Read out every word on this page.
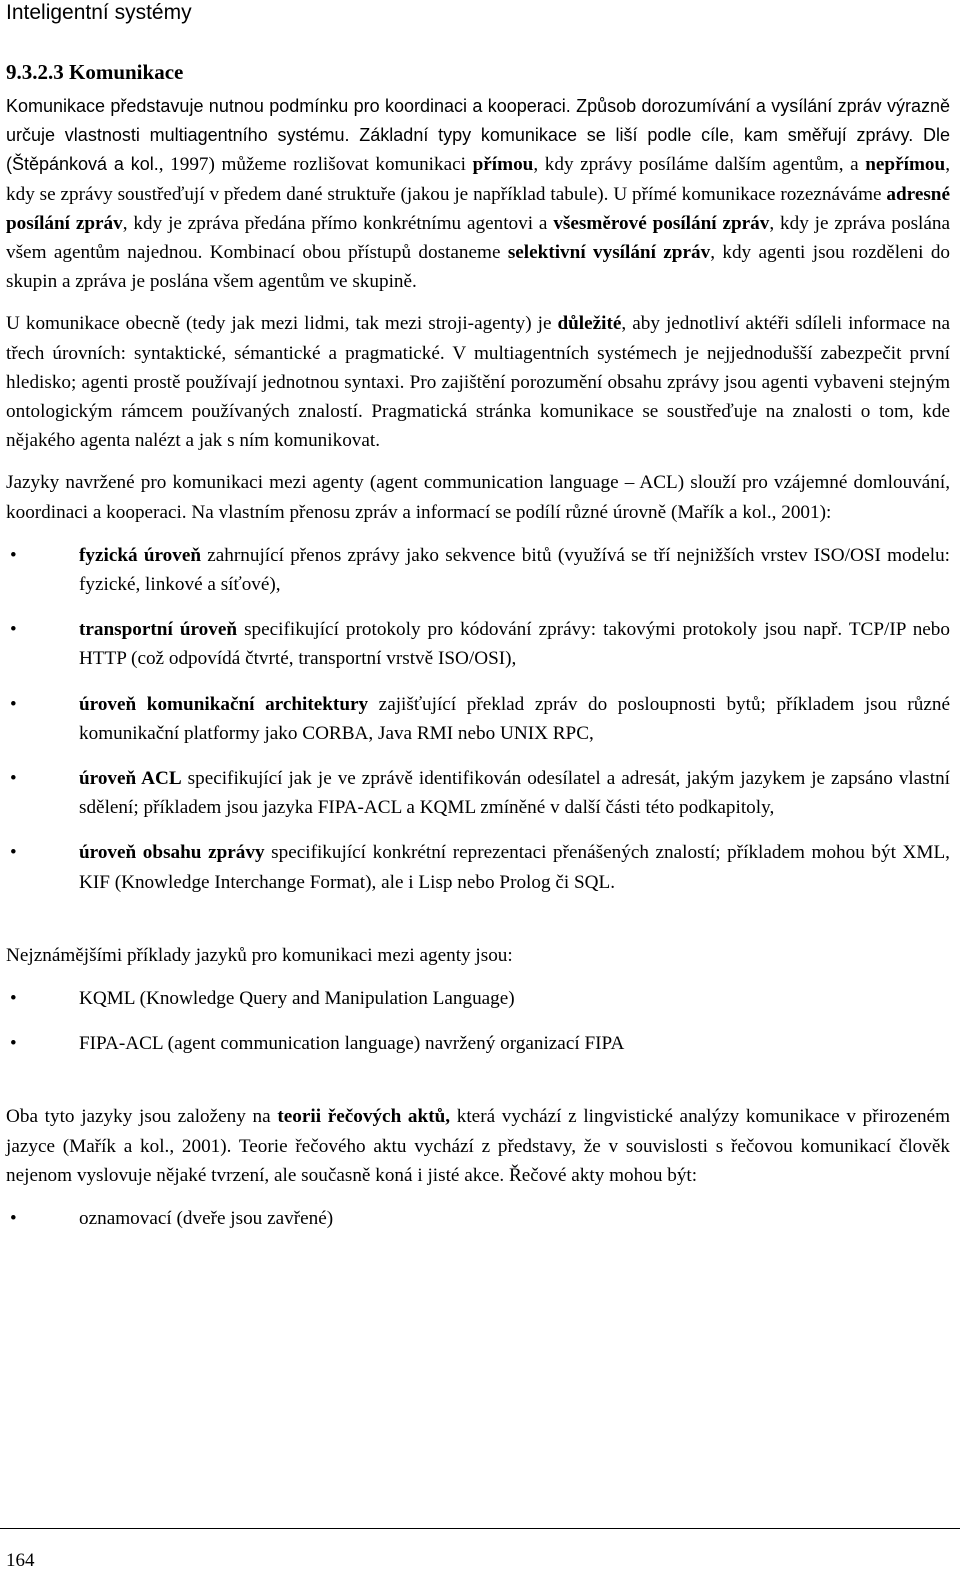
Inteligentní systémy
9.3.2.3 Komunikace

Komunikace představuje nutnou podmínku pro koordinaci a kooperaci. Způsob dorozumívání a vysílání zpráv výrazně určuje vlastnosti multiagentního systému. Základní typy komunikace se liší podle cíle, kam směřují zprávy. Dle (Štěpánková a kol., 1997) můžeme rozlišovat komunikaci přímou, kdy zprávy posíláme dalším agentům, a nepřímou, kdy se zprávy soustřeďují v předem dané struktuře (jakou je například tabule). U přímé komunikace rozeznáváme adresné posílání zpráv, kdy je zpráva předána přímo konkrétnímu agentovi a všesměrové posílání zpráv, kdy je zpráva poslána všem agentům najednou. Kombinací obou přístupů dostaneme selektivní vysílání zpráv, kdy agenti jsou rozděleni do skupin a zpráva je poslána všem agentům ve skupině.

U komunikace obecně (tedy jak mezi lidmi, tak mezi stroji-agenty) je důležité, aby jednotliví aktéři sdíleli informace na třech úrovních: syntaktické, sémantické a pragmatické. V multiagentních systémech je nejjednodušší zabezpečit první hledisko; agenti prostě používají jednotnou syntaxi. Pro zajištění porozumění obsahu zprávy jsou agenti vybaveni stejným ontologickým rámcem používaných znalostí. Pragmatická stránka komunikace se soustřeďuje na znalosti o tom, kde nějakého agenta nalézt a jak s ním komunikovat.

Jazyky navržené pro komunikaci mezi agenty (agent communication language – ACL) slouží pro vzájemné domlouvání, koordinaci a kooperaci. Na vlastním přenosu zpráv a informací se podílí různé úrovně (Mařík a kol., 2001):

•	fyzická úroveň zahrnující přenos zprávy jako sekvence bitů (využívá se tří nejnižších vrstev ISO/OSI modelu: fyzické, linkové a síťové),
•	transportní úroveň specifikující protokoly pro kódování zprávy: takovými protokoly jsou např. TCP/IP nebo HTTP (což odpovídá čtvrté, transportní vrstvě ISO/OSI),
•	úroveň komunikační architektury zajišťující překlad zpráv do posloupnosti bytů; příkladem jsou různé komunikační platformy jako CORBA, Java RMI nebo UNIX RPC,
•	úroveň ACL specifikující jak je ve zprávě identifikován odesílatel a adresát, jakým jazykem je zapsáno vlastní sdělení; příkladem jsou jazyka FIPA-ACL a KQML zmíněné v další části této podkapitoly,
•	úroveň obsahu zprávy specifikující konkrétní reprezentaci přenášených znalostí; příkladem mohou být XML, KIF (Knowledge Interchange Format), ale i Lisp nebo Prolog či SQL.

Nejznámějšími příklady jazyků pro komunikaci mezi agenty jsou:

•	KQML (Knowledge Query and Manipulation Language)
•	FIPA-ACL (agent communication language) navržený organizací FIPA

Oba tyto jazyky jsou založeny na teorii řečových aktů, která vychází z lingvistické analýzy komunikace v přirozeném jazyce (Mařík a kol., 2001). Teorie řečového aktu vychází z představy, že v souvislosti s řečovou komunikací člověk nejenom vyslovuje nějaké tvrzení, ale současně koná i jisté akce. Řečové akty mohou být:

•	oznamovací (dveře jsou zavřené)
164
